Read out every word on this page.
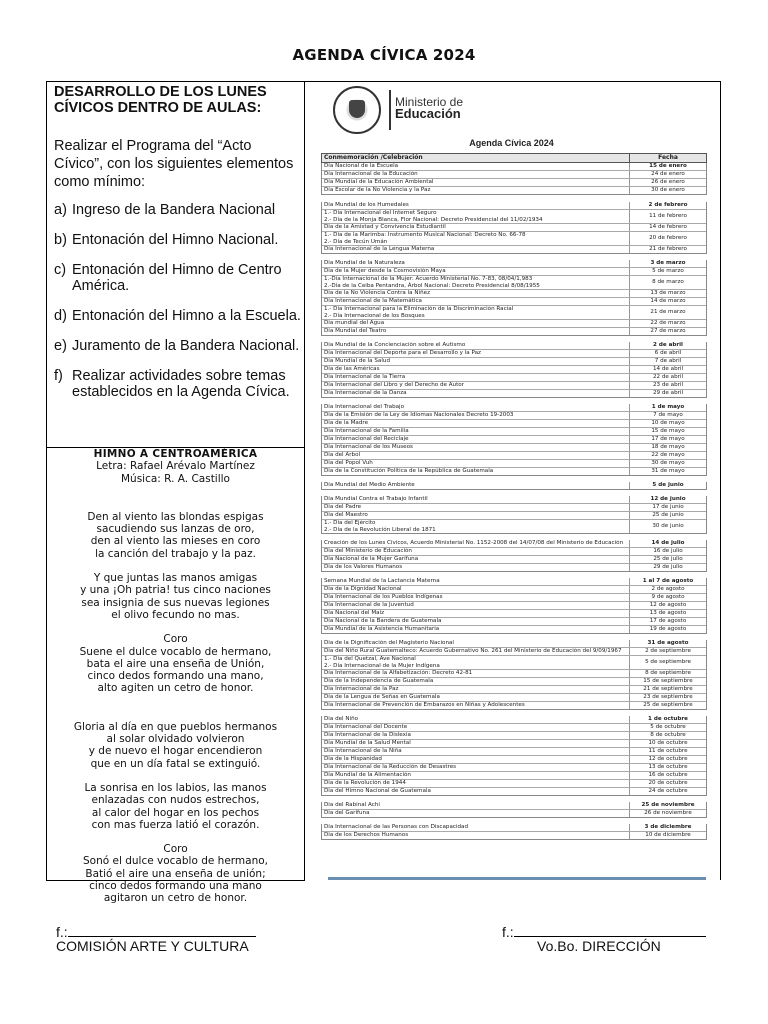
AGENDA CÍVICA 2024

DESARROLLO DE LOS LUNES CÍVICOS DENTRO DE AULAS:

Realizar el Programa del “Acto Cívico”, con los siguientes elementos como mínimo:

a) Ingreso de la Bandera Nacional
b) Entonación del Himno Nacional.
c) Entonación del Himno de Centro América.
d) Entonación del Himno a la Escuela.
e) Juramento de la Bandera Nacional.
f) Realizar actividades sobre temas establecidos en la Agenda Cívica.
HIMNO A CENTROAMÉRICA

Letra: Rafael Arévalo Martínez

Música: R. A. Castillo

Den al viento las blondas espigas

sacudiendo sus lanzas de oro,

den al viento las mieses en coro

la canción del trabajo y la paz.

Y que juntas las manos amigas

y una ¡Oh patria! tus cinco naciones

sea insignia de sus nuevas legiones

el olivo fecundo no mas.

Coro

Suene el dulce vocablo de hermano,

bata el aire una enseña de Unión,

cinco dedos formando una mano,

alto agiten un cetro de honor.

Gloria al día en que pueblos hermanos

al solar olvidado volvieron

y de nuevo el hogar encendieron

que en un día fatal se extinguió.

La sonrisa en los labios, las manos

enlazadas con nudos estrechos,

al calor del hogar en los pechos

con mas fuerza latió el corazón.

Coro

Sonó el dulce vocablo de hermano,

Batió el aire una enseña de unión;

cinco dedos formando una mano

agitaron un cetro de honor.

Ministerio de
Educación
Agenda Cívica 2024
Conmemoración /Celebración	Fecha
Día Nacional de la Escuela	15 de enero
Día Internacional de la Educación	24 de enero
Día Mundial de la Educación Ambiental	26 de enero
Día Escolar de la No Violencia y la Paz	30 de enero
Día Mundial de los Humedales	2 de febrero
1.- Día Internacional del Internet Seguro
2.- Día de la Monja Blanca, Flor Nacional: Decreto Presidencial del 11/02/1934
11 de febrero
Día de la Amistad y Convivencia Estudiantil	14 de febrero
1.- Día de la Marimba: Instrumento Musical Nacional: Decreto No. 66-78
2.- Día de Tecún Umán
20 de febrero
Día Internacional de la Lengua Materna	21 de febrero
Día Mundial de la Naturaleza	3 de marzo
Día de la Mujer desde la Cosmovisión Maya	5 de marzo
1.-Día Internacional de la Mujer: Acuerdo Ministerial No. 7-83, 08/04/1,983
2.-Día de la Ceiba Pentandra, Árbol Nacional: Decreto Presidencial 8/08/1955
8 de marzo
Día de la No Violencia Contra la Niñez	13 de marzo
Día Internacional de la Matemática	14 de marzo
1.- Día Internacional para la Eliminación de la Discriminación Racial
2.- Día Internacional de los Bosques
21 de marzo
Día mundial del Agua	22 de marzo
Día Mundial del Teatro	27 de marzo
Día Mundial de la Concienciación sobre el Autismo	2 de abril
Día Internacional del Deporte para el Desarrollo y la Paz	6 de abril
Día Mundial de la Salud	7 de abril
Día de las Américas	14 de abril
Día Internacional de la Tierra	22 de abril
Día Internacional del Libro y del Derecho de Autor	23 de abril
Día Internacional de la Danza	29 de abril
Día Internacional del Trabajo	1 de mayo
Día de la Emisión de la Ley de Idiomas Nacionales Decreto 19-2003	7 de mayo
Día de la Madre	10 de mayo
Día Internacional de la Familia	15 de mayo
Día Internacional del Reciclaje	17 de mayo
Día Internacional de los Museos	18 de mayo
Día del Árbol	22 de mayo
Día del Popol Vuh	30 de mayo
Día de la Constitución Política de la República de Guatemala	31 de mayo
Día Mundial del Medio Ambiente	5 de junio
Día Mundial Contra el Trabajo Infantil	12 de junio
Día del Padre	17 de junio
Día del Maestro	25 de junio
1.- Día del Ejército
2.- Día de la Revolución Liberal de 1871
30 de junio
Creación de los Lunes Cívicos, Acuerdo Ministerial No. 1152-2008 del 14/07/08 del Ministerio de Educación	14 de julio
Día del Ministerio de Educación	16 de julio
Día Nacional de la Mujer Garífuna	25 de julio
Día de los Valores Humanos	29 de julio
Semana Mundial de la Lactancia Materna	1 al 7 de agosto
Día de la Dignidad Nacional	2 de agosto
Día Internacional de los Pueblos Indígenas	9 de agosto
Día Internacional de la Juventud	12 de agosto
Día Nacional del Maíz	13 de agosto
Día Nacional de la Bandera de Guatemala	17 de agosto
Día Mundial de la Asistencia Humanitaria	19 de agosto
Día de la Dignificación del Magisterio Nacional	31 de agosto
Día del Niño Rural Guatemalteco: Acuerdo Gubernativo No. 261 del Ministerio de Educación del 9/09/1967	2 de septiembre
1.- Día del Quetzal, Ave Nacional
2.- Día Internacional de la Mujer Indígena
5 de septiembre
Día Internacional de la Alfabetización: Decreto 42-81	8 de septiembre
Día de la Independencia de Guatemala	15 de septiembre
Día Internacional de la Paz	21 de septiembre
Día de la Lengua de Señas en Guatemala	23 de septiembre
Día Internacional de Prevención de Embarazos en Niñas y Adolescentes	25 de septiembre
Día del Niño	1 de octubre
Día Internacional del Docente	5 de octubre
Día Internacional de la Dislexia	8 de octubre
Día Mundial de la Salud Mental	10 de octubre
Día Internacional de la Niña	11 de octubre
Día de la Hispanidad	12 de octubre
Día Internacional de la Reducción de Desastres	13 de octubre
Día Mundial de la Alimentación	16 de octubre
Día de la Revolución de 1944	20 de octubre
Día del Himno Nacional de Guatemala	24 de octubre
Día del Rabinal Achí	25 de noviembre
Día del Garífuna	26 de noviembre
Día Internacional de las Personas con Discapacidad	3 de diciembre
Día de los Derechos Humanos	10 de diciembre
f.:
COMISIÓN ARTE Y CULTURA
f.:
Vo.Bo. DIRECCIÓN
